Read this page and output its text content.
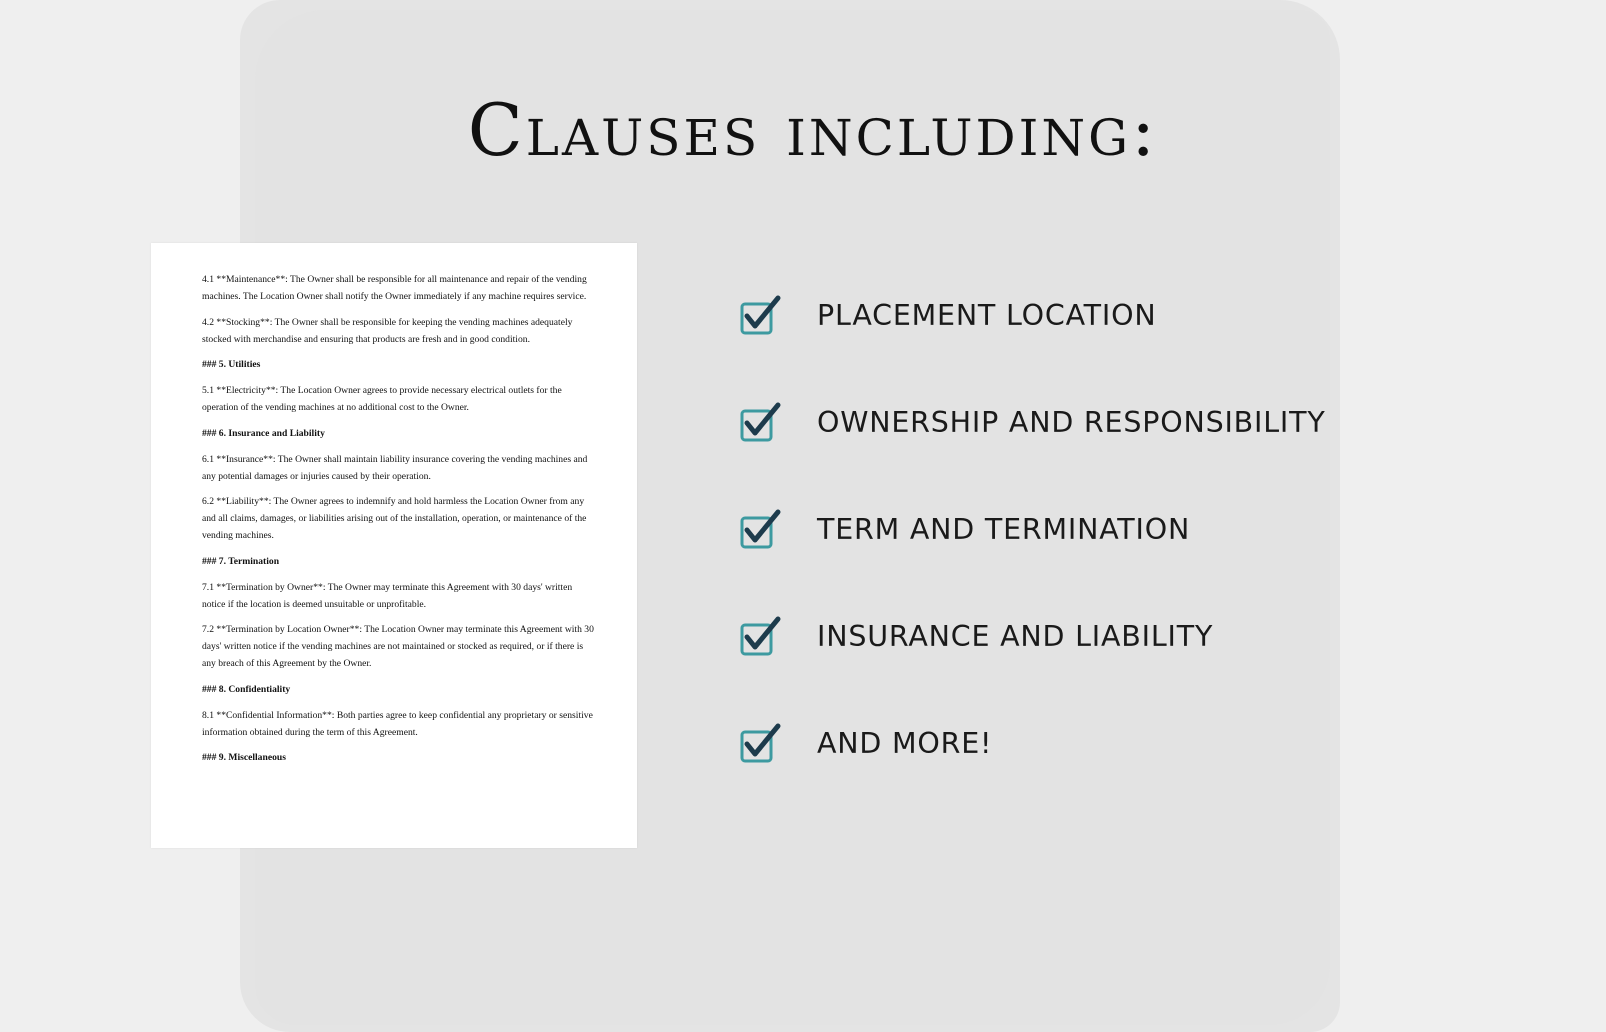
Clauses including:

4.1 **Maintenance**: The Owner shall be responsible for all maintenance and repair of the vending machines. The Location Owner shall notify the Owner immediately if any machine requires service.

4.2 **Stocking**: The Owner shall be responsible for keeping the vending machines adequately stocked with merchandise and ensuring that products are fresh and in good condition.

### 5. Utilities

5.1 **Electricity**: The Location Owner agrees to provide necessary electrical outlets for the operation of the vending machines at no additional cost to the Owner.

### 6. Insurance and Liability

6.1 **Insurance**: The Owner shall maintain liability insurance covering the vending machines and any potential damages or injuries caused by their operation.

6.2 **Liability**: The Owner agrees to indemnify and hold harmless the Location Owner from any and all claims, damages, or liabilities arising out of the installation, operation, or maintenance of the vending machines.

### 7. Termination

7.1 **Termination by Owner**: The Owner may terminate this Agreement with 30 days' written notice if the location is deemed unsuitable or unprofitable.

7.2 **Termination by Location Owner**: The Location Owner may terminate this Agreement with 30 days' written notice if the vending machines are not maintained or stocked as required, or if there is any breach of this Agreement by the Owner.

### 8. Confidentiality

8.1 **Confidential Information**: Both parties agree to keep confidential any proprietary or sensitive information obtained during the term of this Agreement.

### 9. Miscellaneous

PLACEMENT LOCATION
OWNERSHIP AND RESPONSIBILITY
TERM AND TERMINATION
INSURANCE AND LIABILITY
AND MORE!
